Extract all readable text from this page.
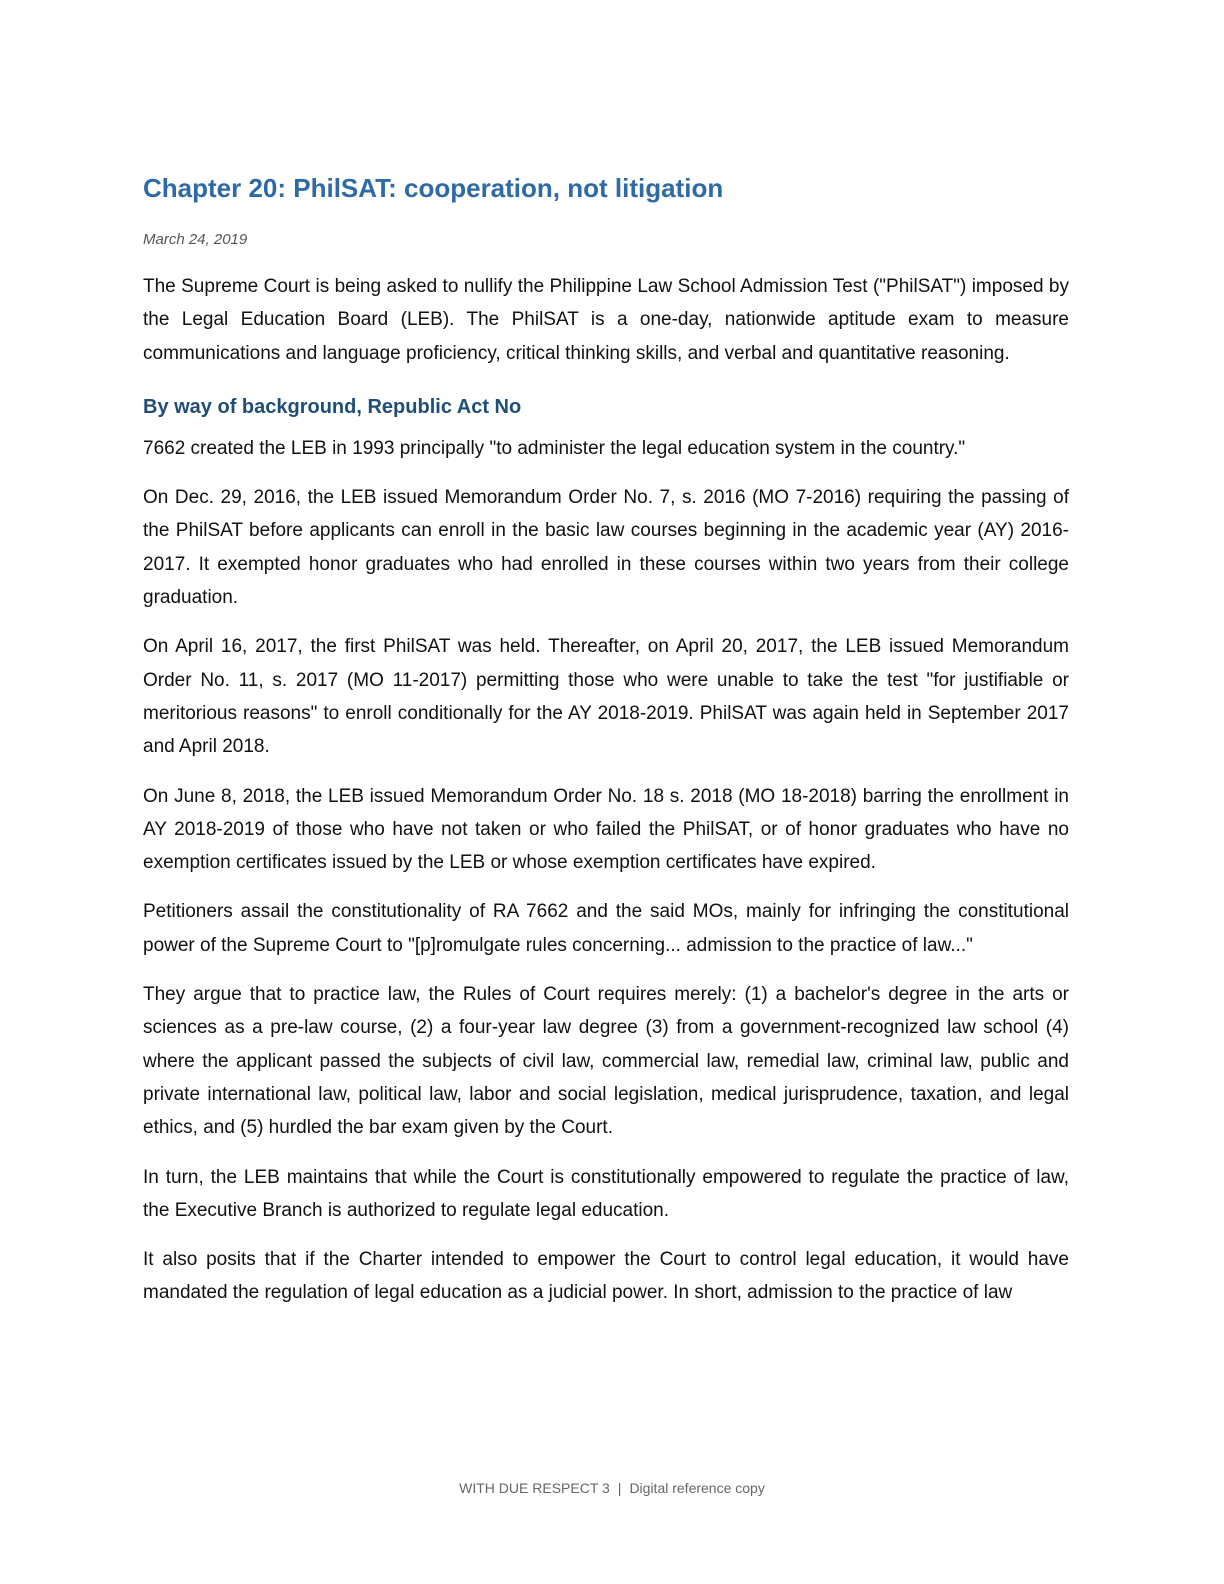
Chapter 20: PhilSAT: cooperation, not litigation

March 24, 2019

The Supreme Court is being asked to nullify the Philippine Law School Admission Test ("PhilSAT") imposed by the Legal Education Board (LEB). The PhilSAT is a one-day, nationwide aptitude exam to measure communications and language proficiency, critical thinking skills, and verbal and quantitative reasoning.

By way of background, Republic Act No

7662 created the LEB in 1993 principally "to administer the legal education system in the country."

On Dec. 29, 2016, the LEB issued Memorandum Order No. 7, s. 2016 (MO 7-2016) requiring the passing of the PhilSAT before applicants can enroll in the basic law courses beginning in the academic year (AY) 2016-2017. It exempted honor graduates who had enrolled in these courses within two years from their college graduation.

On April 16, 2017, the first PhilSAT was held. Thereafter, on April 20, 2017, the LEB issued Memorandum Order No. 11, s. 2017 (MO 11-2017) permitting those who were unable to take the test "for justifiable or meritorious reasons" to enroll conditionally for the AY 2018-2019. PhilSAT was again held in September 2017 and April 2018.

On June 8, 2018, the LEB issued Memorandum Order No. 18 s. 2018 (MO 18-2018) barring the enrollment in AY 2018-2019 of those who have not taken or who failed the PhilSAT, or of honor graduates who have no exemption certificates issued by the LEB or whose exemption certificates have expired.

Petitioners assail the constitutionality of RA 7662 and the said MOs, mainly for infringing the constitutional power of the Supreme Court to "[p]romulgate rules concerning... admission to the practice of law..."

They argue that to practice law, the Rules of Court requires merely: (1) a bachelor's degree in the arts or sciences as a pre-law course, (2) a four-year law degree (3) from a government-recognized law school (4) where the applicant passed the subjects of civil law, commercial law, remedial law, criminal law, public and private international law, political law, labor and social legislation, medical jurisprudence, taxation, and legal ethics, and (5) hurdled the bar exam given by the Court.

In turn, the LEB maintains that while the Court is constitutionally empowered to regulate the practice of law, the Executive Branch is authorized to regulate legal education.

It also posits that if the Charter intended to empower the Court to control legal education, it would have mandated the regulation of legal education as a judicial power. In short, admission to the practice of law

WITH DUE RESPECT 3 | Digital reference copy
